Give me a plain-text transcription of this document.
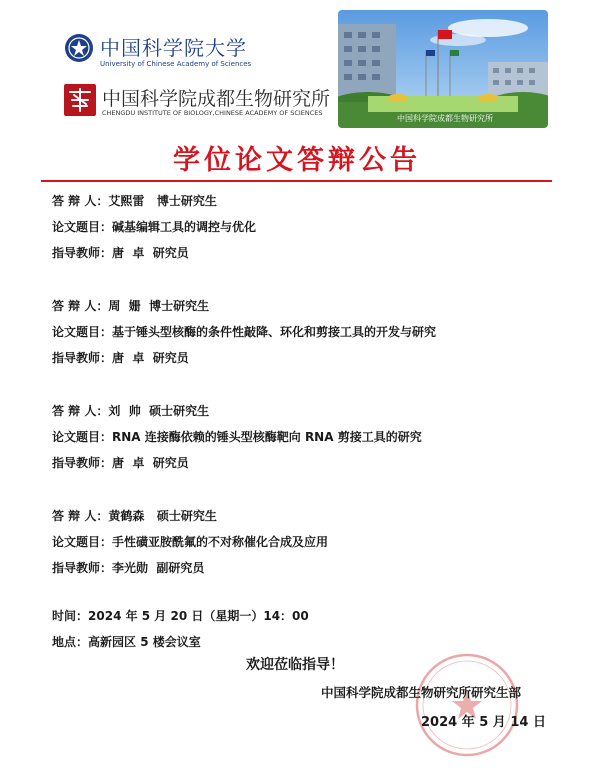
中国科学院大学
University of Chinese Academy of Sciences
中国科学院成都生物研究所
CHENGDU INSTITUTE OF BIOLOGY,CHINESE ACADEMY OF SCIENCES
中国科学院成都生物研究所
学位论文答辩公告
答 辩 人：艾熙雷   博士研究生
论文题目：碱基编辑工具的调控与优化
指导教师：唐  卓  研究员
答 辩 人：周  姗  博士研究生
论文题目：基于锤头型核酶的条件性敲降、环化和剪接工具的开发与研究
指导教师：唐  卓  研究员
答 辩 人：刘  帅  硕士研究生
论文题目：RNA 连接酶依赖的锤头型核酶靶向 RNA 剪接工具的研究
指导教师：唐  卓  研究员
答 辩 人：黄鹤森   硕士研究生
论文题目：手性磺亚胺酰氟的不对称催化合成及应用
指导教师：李光勋  副研究员
时间：2024 年 5 月 20 日（星期一）14：00
地点：高新园区 5 楼会议室
欢迎莅临指导！
中国科学院成都生物研究所研究生部
2024 年 5 月 14 日
